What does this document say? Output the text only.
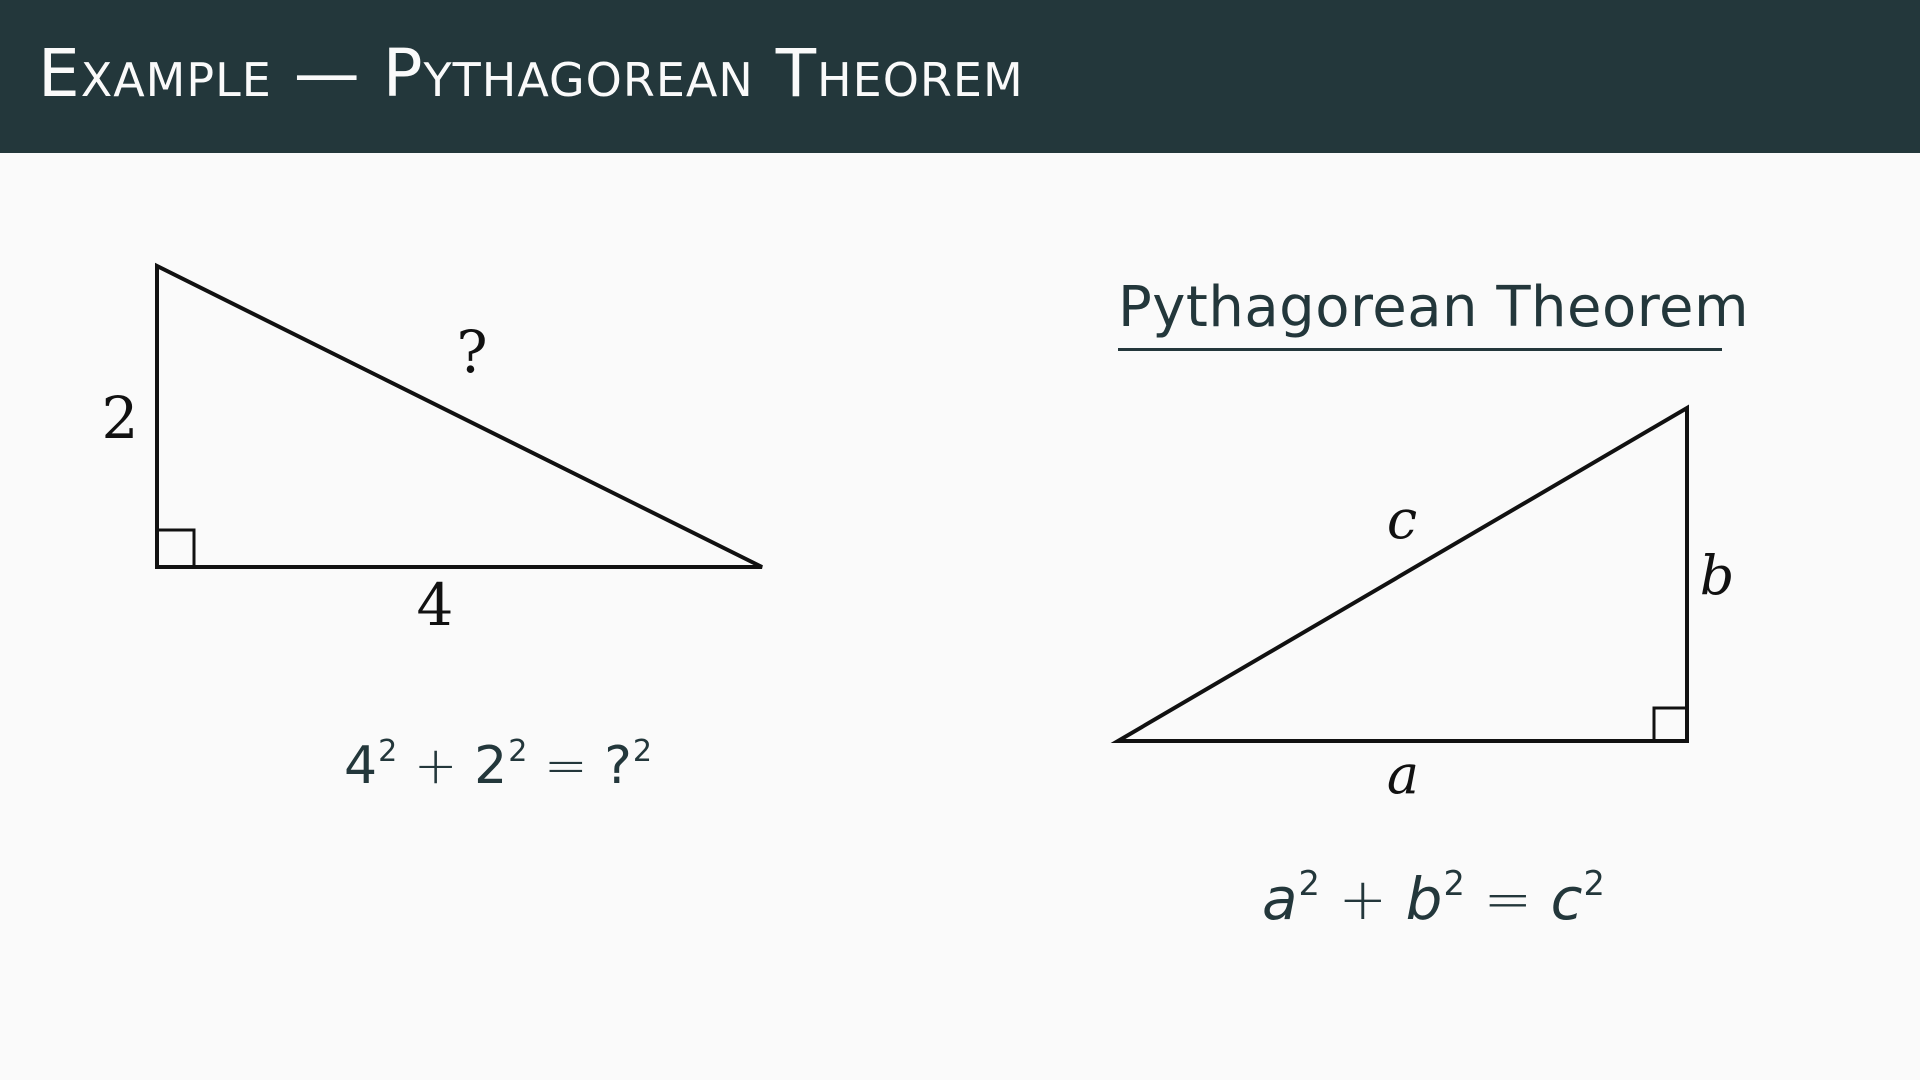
Example — Pythagorean Theorem
2
4
?
a
b
c
$4^2 + 2^2$ = ?$^2$
Pythagorean Theorem
$a^2 + b^2 = c^2$
